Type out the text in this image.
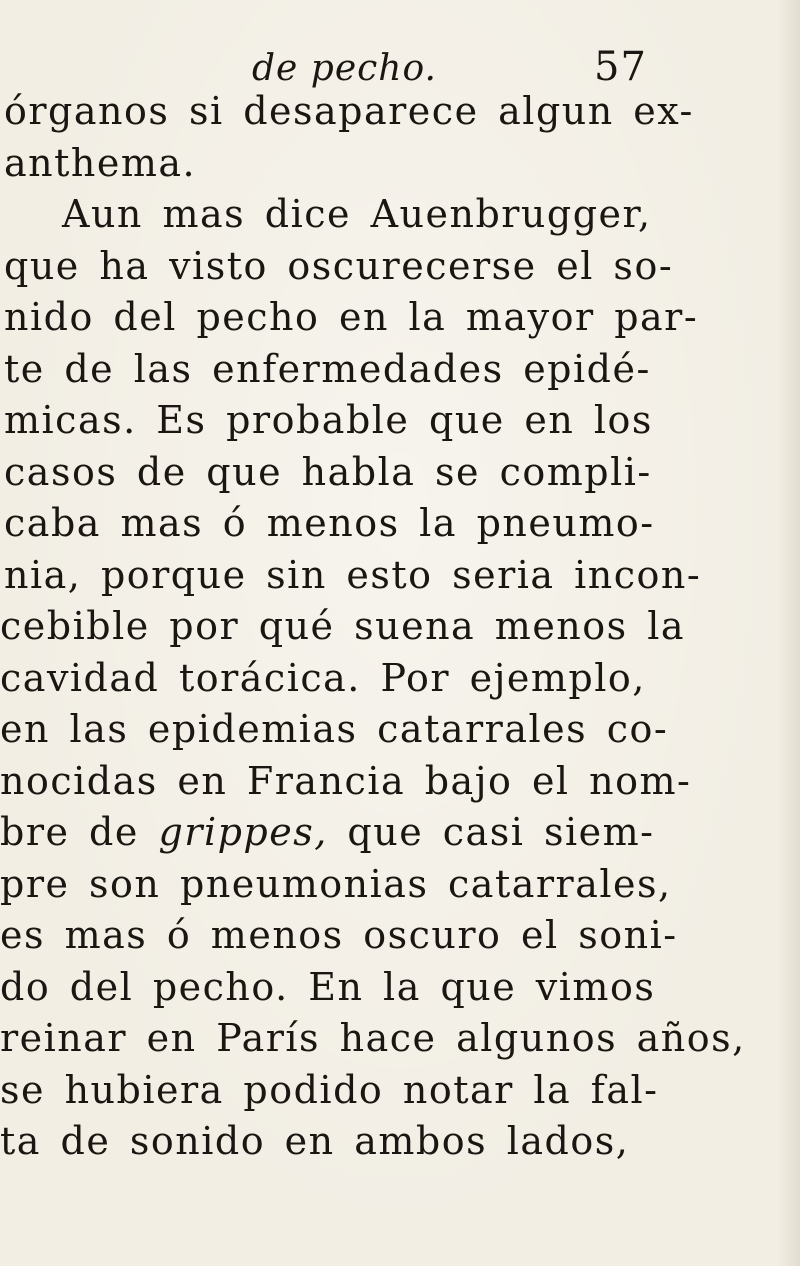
de pecho.	57
órganos si desaparece algun ex-
anthema.
Aun mas dice Auenbrugger,
que ha visto oscurecerse el so-
nido del pecho en la mayor par-
te de las enfermedades epidé-
micas. Es probable que en los
casos de que habla se compli-
caba mas ó menos la pneumo-
nia, porque sin esto seria incon-
cebible por qué suena menos la
cavidad torácica. Por ejemplo,
en las epidemias catarrales co-
nocidas en Francia bajo el nom-
bre de grippes, que casi siem-
pre son pneumonias catarrales,
es mas ó menos oscuro el soni-
do del pecho. En la que vimos
reinar en París hace algunos años,
se hubiera podido notar la fal-
ta de sonido en ambos lados,
